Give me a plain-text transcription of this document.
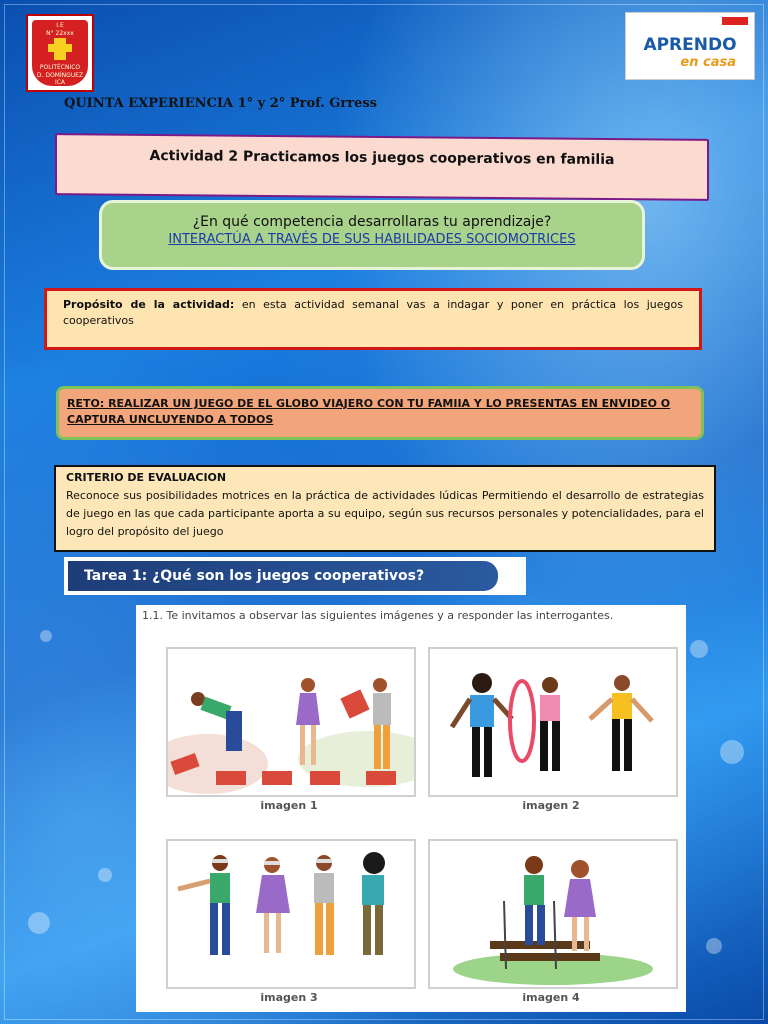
I.E
N° 22xxx
POLITÉCNICO
D. DOMÍNGUEZ
ICA
APRENDO
en casa
QUINTA EXPERIENCIA 1° y 2° Prof. Grress
Actividad 2 Practicamos los juegos cooperativos en familia
¿En qué competencia desarrollaras tu aprendizaje?
INTERACTÚA A TRAVÉS DE SUS HABILIDADES SOCIOMOTRICES
Propósito de la actividad: en esta actividad semanal vas a indagar y poner en práctica los juegos cooperativos
RETO: REALIZAR UN JUEGO DE EL GLOBO VIAJERO CON TU FAMIIA Y LO PRESENTAS EN ENVIDEO O CAPTURA UNCLUYENDO A TODOS
CRITERIO DE EVALUACION
Reconoce sus posibilidades motrices en la práctica de actividades lúdicas Permitiendo el desarrollo de estrategias de juego en las que cada participante aporta a su equipo, según sus recursos personales y potencialidades, para el logro del propósito del juego
Tarea 1: ¿Qué son los juegos cooperativos?
1.1. Te invitamos a observar las siguientes imágenes y a responder las interrogantes.
imagen 1	imagen 2
imagen 3	imagen 4
